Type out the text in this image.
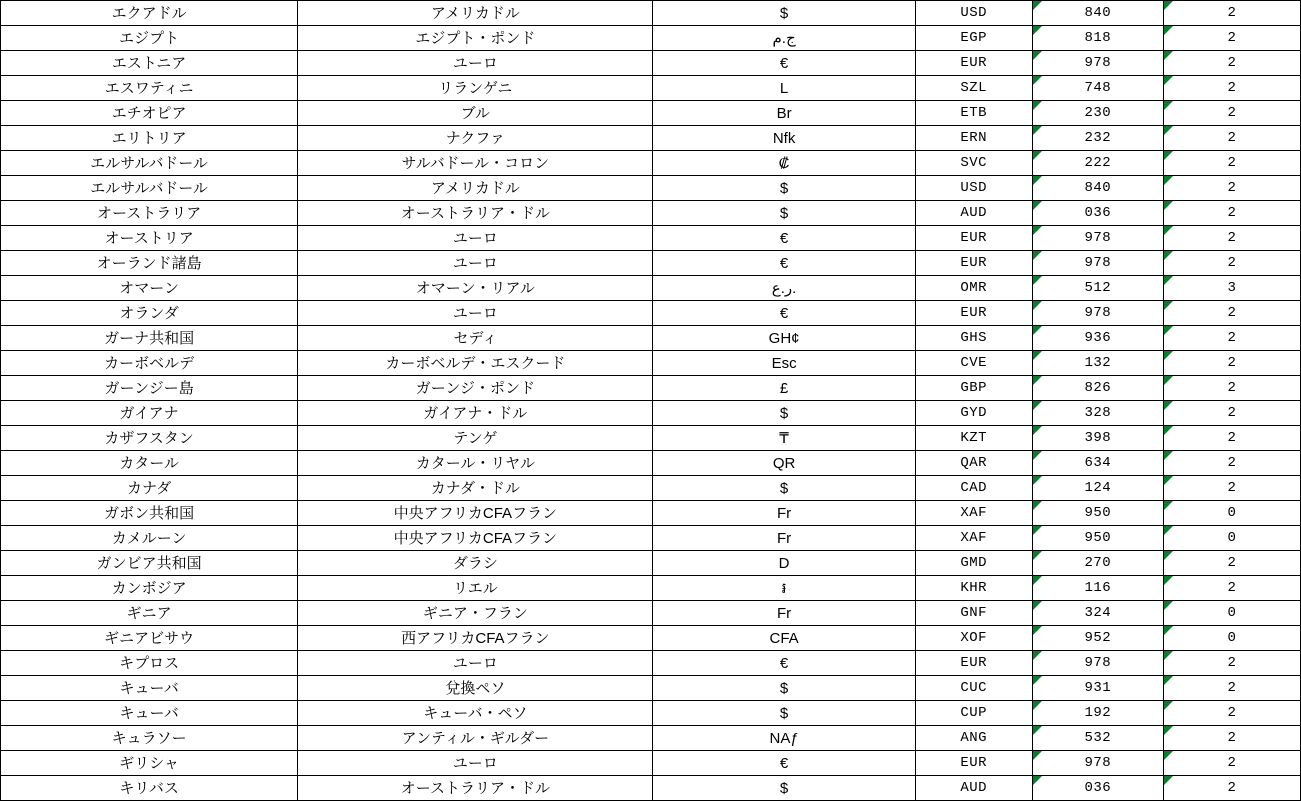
エクアドル	アメリカドル	$	USD	840	2
エジプト	エジプト・ポンド	ج.م	EGP	818	2
エストニア	ユーロ	€	EUR	978	2
エスワティニ	リランゲニ	L	SZL	748	2
エチオピア	ブル	Br	ETB	230	2
エリトリア	ナクファ	Nfk	ERN	232	2
エルサルバドール	サルバドール・コロン	₡	SVC	222	2
エルサルバドール	アメリカドル	$	USD	840	2
オーストラリア	オーストラリア・ドル	$	AUD	036	2
オーストリア	ユーロ	€	EUR	978	2
オーランド諸島	ユーロ	€	EUR	978	2
オマーン	オマーン・リアル	ر.ع.	OMR	512	3
オランダ	ユーロ	€	EUR	978	2
ガーナ共和国	セディ	GH¢	GHS	936	2
カーボベルデ	カーボベルデ・エスクード	Esc	CVE	132	2
ガーンジー島	ガーンジ・ポンド	£	GBP	826	2
ガイアナ	ガイアナ・ドル	$	GYD	328	2
カザフスタン	テンゲ	₸	KZT	398	2
カタール	カタール・リヤル	QR	QAR	634	2
カナダ	カナダ・ドル	$	CAD	124	2
ガボン共和国	中央アフリカCFAフラン	Fr	XAF	950	0
カメルーン	中央アフリカCFAフラン	Fr	XAF	950	0
ガンビア共和国	ダラシ	D	GMD	270	2
カンボジア	リエル	៛	KHR	116	2
ギニア	ギニア・フラン	Fr	GNF	324	0
ギニアビサウ	西アフリカCFAフラン	CFA	XOF	952	0
キプロス	ユーロ	€	EUR	978	2
キューバ	兌換ペソ	$	CUC	931	2
キューバ	キューバ・ペソ	$	CUP	192	2
キュラソー	アンティル・ギルダー	NAƒ	ANG	532	2
ギリシャ	ユーロ	€	EUR	978	2
キリバス	オーストラリア・ドル	$	AUD	036	2
